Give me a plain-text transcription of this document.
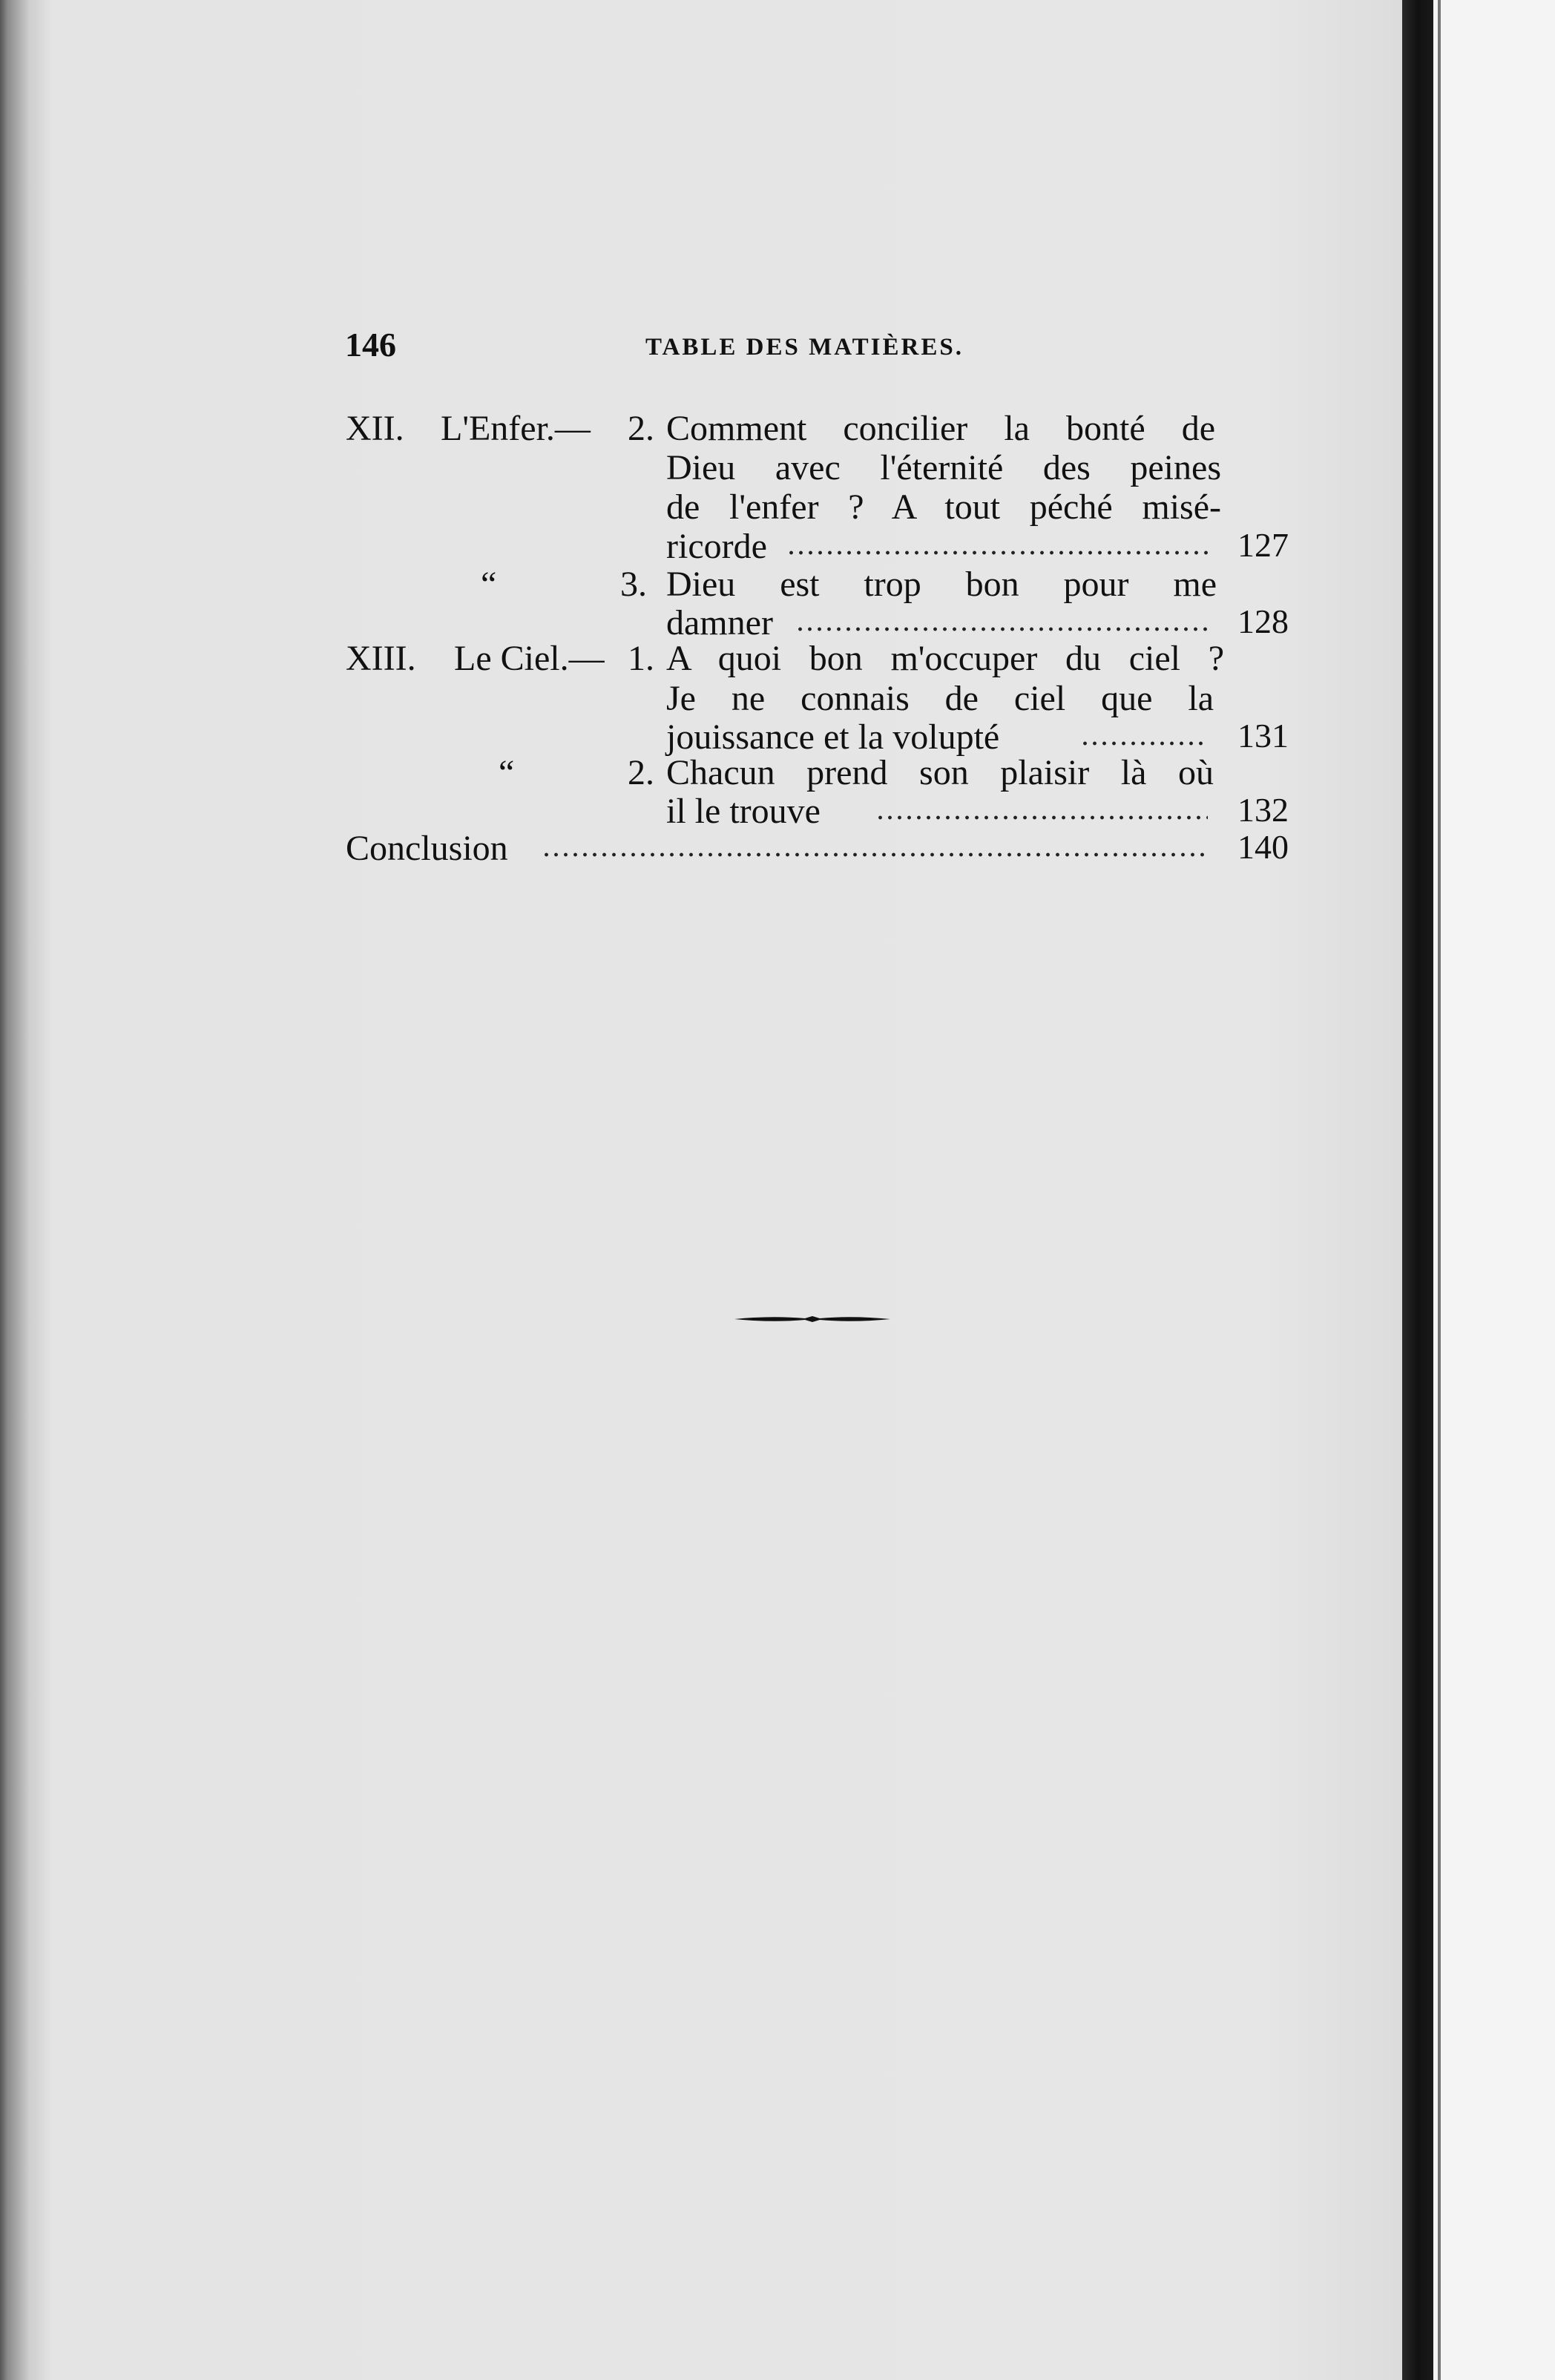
146	TABLE DES MATIÈRES.
XII. L'Enfer.— 2. Comment concilier la bonté de
Dieu avec l'éternité des peines
de l'enfer ? A tout péché misé-
ricorde	127
“	3. Dieu est trop bon pour me
damner	128
XIII. Le Ciel.— 1. A quoi bon m'occuper du ciel ?
Je ne connais de ciel que la
jouissance et la volupté	131
“	2. Chacun prend son plaisir là où
il le trouve	132
Conclusion	140
